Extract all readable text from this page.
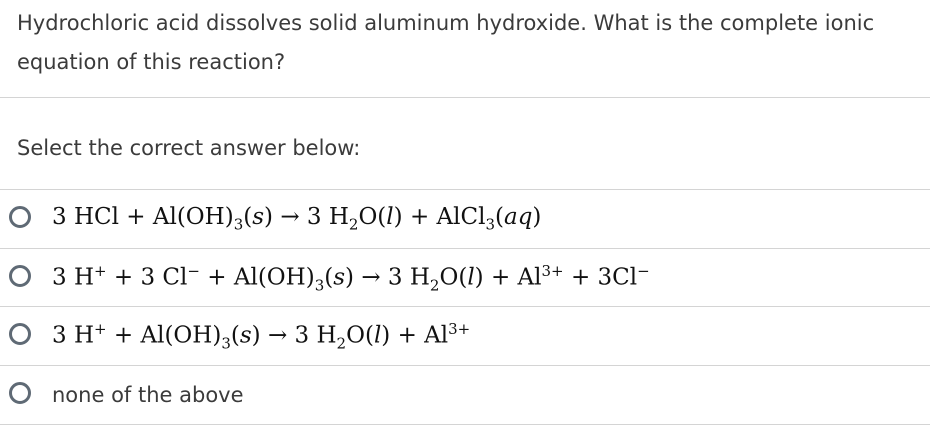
Hydrochloric acid dissolves solid aluminum hydroxide. What is the complete ionic equation of this reaction?
Select the correct answer below:
3 HCl + $Al(OH)_3(s) \to 3$ $H_2O(l)$ + AlCl$_3$(aq)
3 H+ + 3 $Cl^- + Al(OH)_3(s) \to 3$ $H_2O(l) + Al^{3+} + 3Cl^-$
3 $H^+ + Al(OH)_3(s) \to 3$ $H_2O(l) + Al^{3+}$
none of the above
